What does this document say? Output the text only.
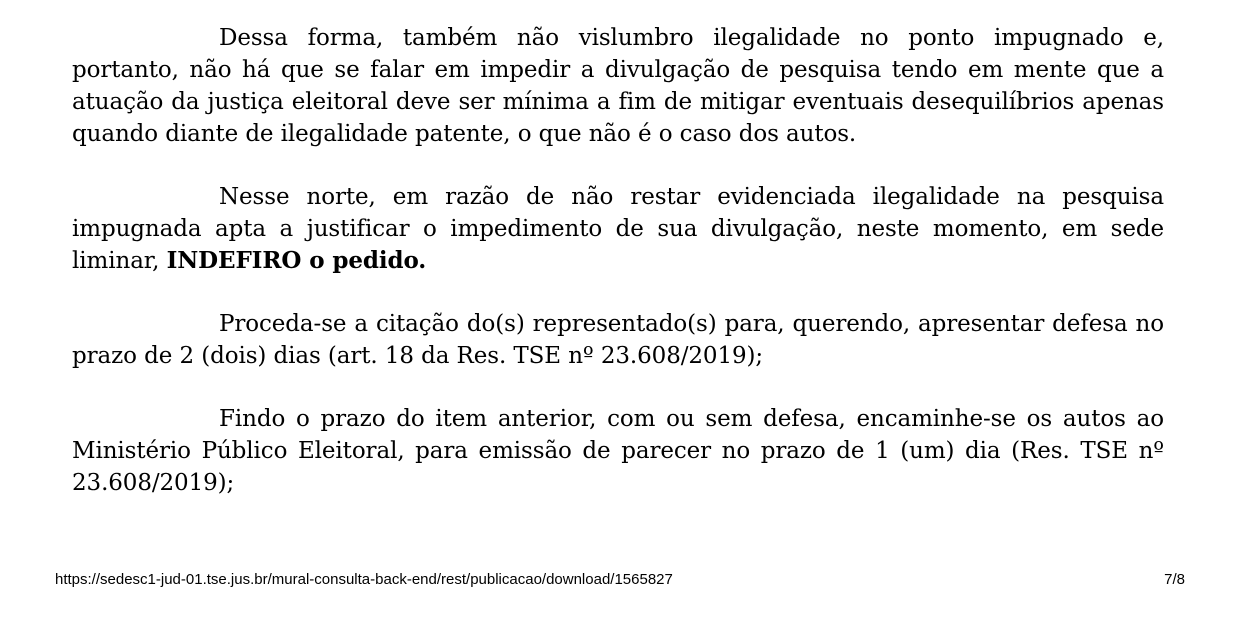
Dessa forma, também não vislumbro ilegalidade no ponto impugnado e, portanto, não há que se falar em impedir a divulgação de pesquisa tendo em mente que a atuação da justiça eleitoral deve ser mínima a fim de mitigar eventuais desequilíbrios apenas quando diante de ilegalidade patente, o que não é o caso dos autos.

Nesse norte, em razão de não restar evidenciada ilegalidade na pesquisa impugnada apta a justificar o impedimento de sua divulgação, neste momento, em sede liminar, INDEFIRO o pedido.

Proceda-se a citação do(s) representado(s) para, querendo, apresentar defesa no prazo de 2 (dois) dias (art. 18 da Res. TSE nº 23.608/2019);

Findo o prazo do item anterior, com ou sem defesa, encaminhe-se os autos ao Ministério Público Eleitoral, para emissão de parecer no prazo de 1 (um) dia (Res. TSE nº 23.608/2019);

https://sedesc1-jud-01.tse.jus.br/mural-consulta-back-end/rest/publicacao/download/1565827	7/8
